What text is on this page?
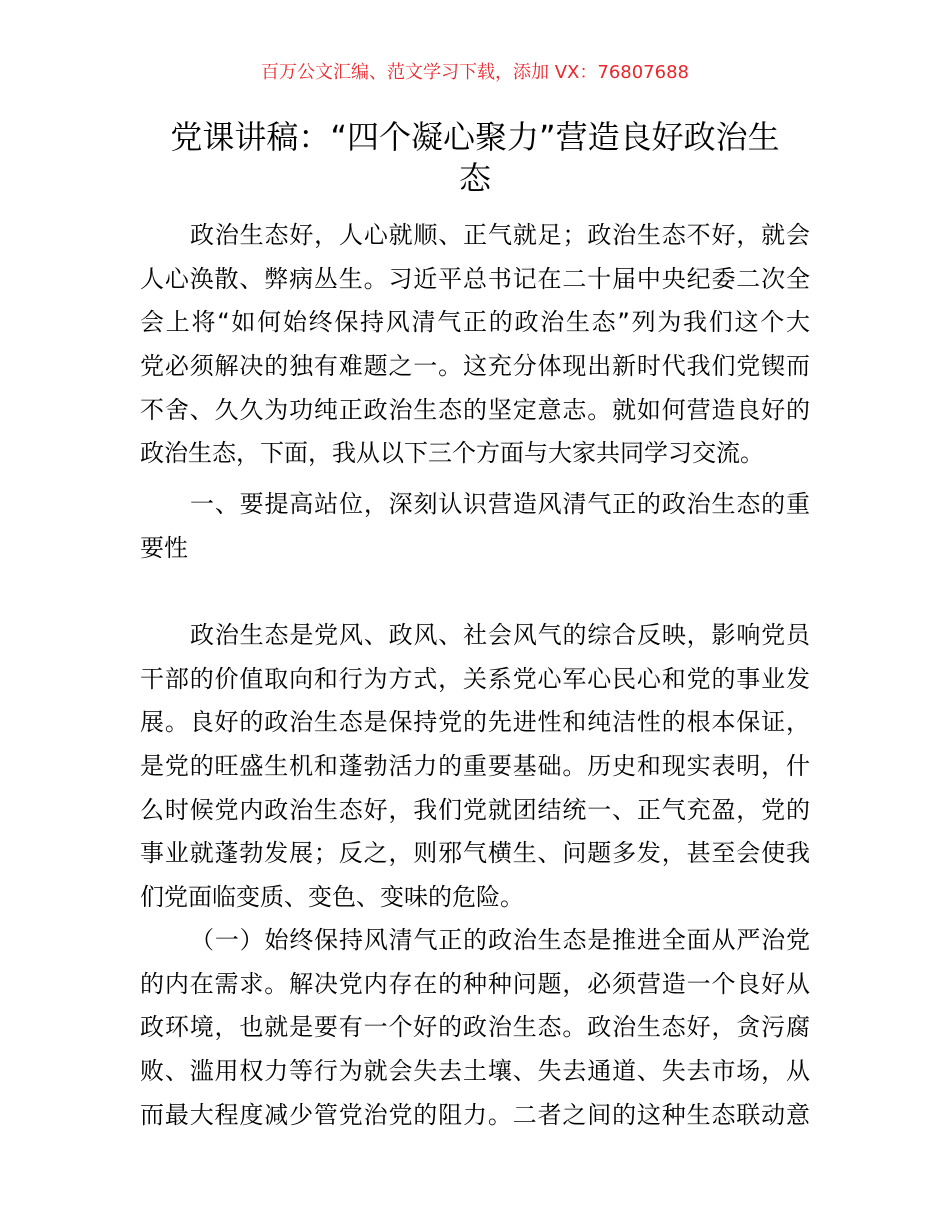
百万公文汇编、范文学习下载，添加 VX：76807688
党课讲稿：“四个凝心聚力”营造良好政治生
态
政治生态好，人心就顺、正气就足；政治生态不好，就会
人心涣散、弊病丛生。习近平总书记在二十届中央纪委二次全
会上将“如何始终保持风清气正的政治生态”列为我们这个大
党必须解决的独有难题之一。这充分体现出新时代我们党锲而
不舍、久久为功纯正政治生态的坚定意志。就如何营造良好的
政治生态，下面，我从以下三个方面与大家共同学习交流。
一、要提高站位，深刻认识营造风清气正的政治生态的重
要性
政治生态是党风、政风、社会风气的综合反映，影响党员
干部的价值取向和行为方式，关系党心军心民心和党的事业发
展。良好的政治生态是保持党的先进性和纯洁性的根本保证，
是党的旺盛生机和蓬勃活力的重要基础。历史和现实表明，什
么时候党内政治生态好，我们党就团结统一、正气充盈，党的
事业就蓬勃发展；反之，则邪气横生、问题多发，甚至会使我
们党面临变质、变色、变味的危险。
（一）始终保持风清气正的政治生态是推进全面从严治党
的内在需求。解决党内存在的种种问题，必须营造一个良好从
政环境，也就是要有一个好的政治生态。政治生态好，贪污腐
败、滥用权力等行为就会失去土壤、失去通道、失去市场，从
而最大程度减少管党治党的阻力。二者之间的这种生态联动意
